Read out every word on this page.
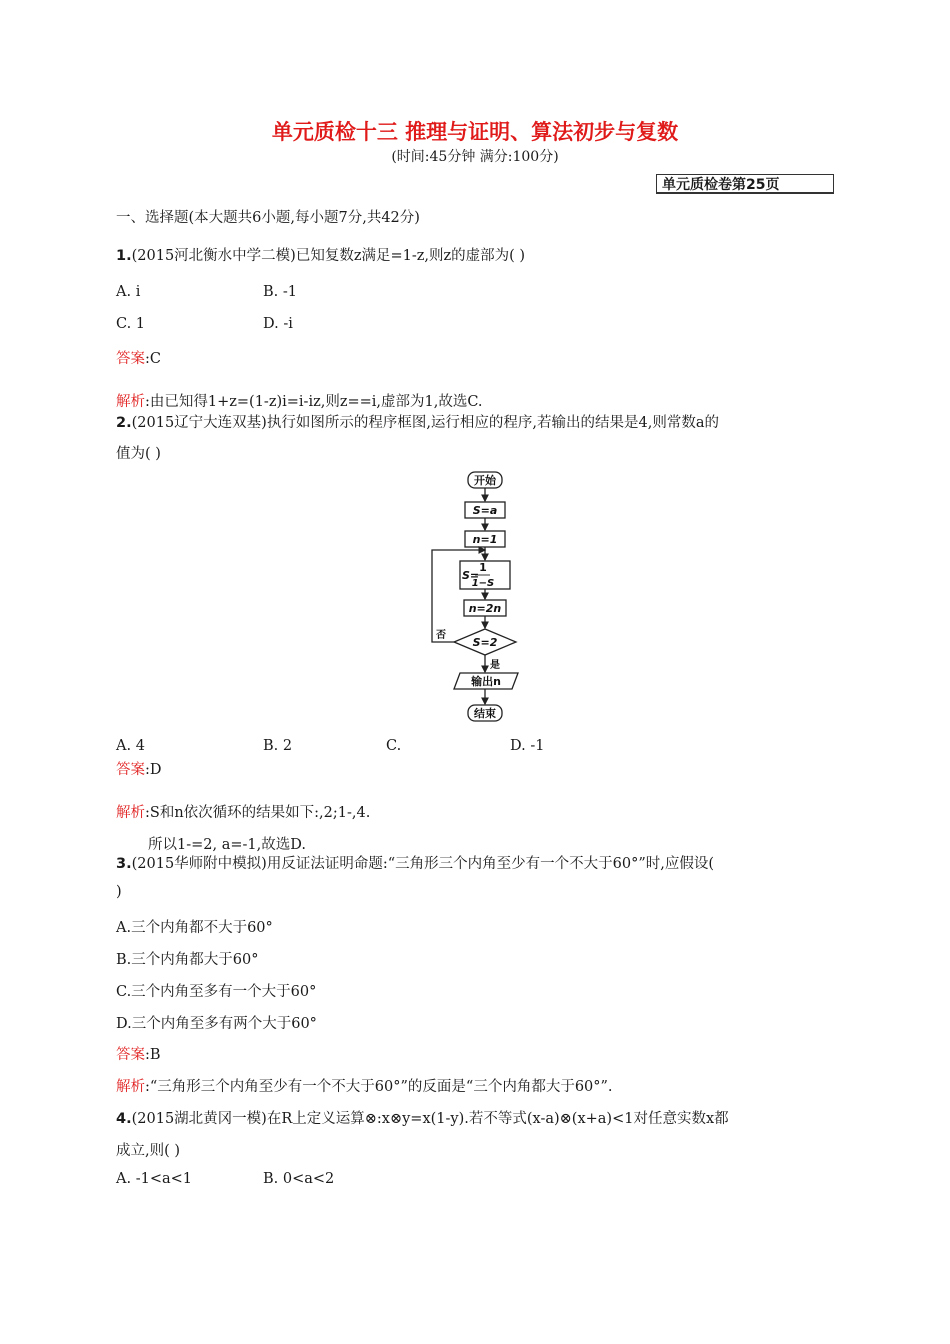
单元质检十三 推理与证明、算法初步与复数
(时间:45分钟 满分:100分)
单元质检卷第25页
一、选择题(本大题共6小题,每小题7分,共42分)
1.(2015河北衡水中学二模)已知复数z满足=1-z,则z的虚部为( )
A. i	B. -1
C. 1	D. -i
答案:C
解析:由已知得1+z=(1-z)i=i-iz,则z==i,虚部为1,故选C.
2.(2015辽宁大连双基)执行如图所示的程序框图,运行相应的程序,若输出的结果是4,则常数a的
值为( )
开始
S=a
n=1
S=
1
1−S
n=2n
S=2
否
是
输出n
结束
A. 4	B. 2	C.	D. -1
答案:D
解析:S和n依次循环的结果如下:,2;1-,4.
所以1-=2, a=-1,故选D.
3.(2015华师附中模拟)用反证法证明命题:“三角形三个内角至少有一个不大于60°”时,应假设(
)
A.三个内角都不大于60°
B.三个内角都大于60°
C.三个内角至多有一个大于60°
D.三个内角至多有两个大于60°
答案:B
解析:“三角形三个内角至少有一个不大于60°”的反面是“三个内角都大于60°”.
4.(2015湖北黄冈一模)在R上定义运算⊗:x⊗y=x(1-y).若不等式(x-a)⊗(x+a)<1对任意实数x都
成立,则( )
A. -1<a<1	B. 0<a<2
